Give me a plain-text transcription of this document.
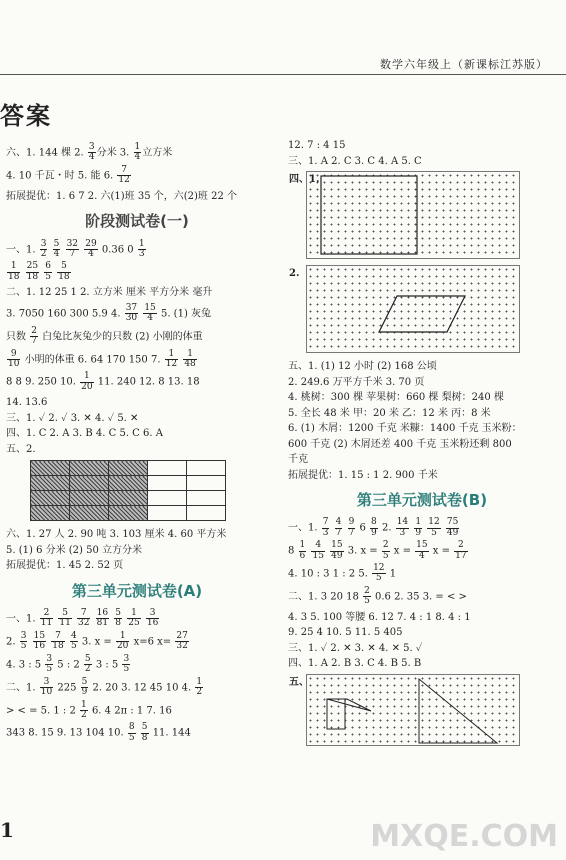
数学六年级上（新课标江苏版）
答案

六、1. 144 棵 2. $\frac{3}{4}$ 分米 3. $\frac{1}{4}$ 立方米

4. 10 千瓦・时 5. 能 6. $\frac{7}{12}$

拓展提优：1. 6 7 2. 六(1)班 35 个，六(2)班 22 个

阶段测试卷(一)

一、1. $\frac{3}{2}$
$\frac{5}{4}$
$\frac{32}{7}$
$\frac{29}{4} 0.36$ $0 \frac{1}{3}$

$\frac{1}{18}$
$\frac{25}{18}$
$\frac{6}{5}$
$\frac{5}{18}$

二、1. 12 25 1 2. 立方米 厘米 平方分米 毫升

3. 7050 160 300 5.9 4. $\frac{37}{30}$
$\frac{15}{4} 5$. (1) 灰兔

只数 $\frac{2}{7}$ 白兔比灰兔少的只数 (2) 小刚的体重

$\frac{9}{10}$ 小明的体重 6. 64 170 150 7. $\frac{1}{12}$
$\frac{1}{48}$

8 8 9. 250 10. $\frac{1}{20} 11$. 240 12. 8 13. 18

14. 13.6

三、1. ✓ 2. ✓ 3. ✕ 4. ✓ 5. ✕

四、1. C 2. A 3. B 4. C 5. C 6. A

五、2.

六、1. 27 人 2. 90 吨 3. 103 厘米 4. 60 平方米

5. (1) 6 分米 (2) 50 立方分米

拓展提优：1. 45 2. 52 页

第三单元测试卷(A)

一、1. $\frac{2}{11}$
$\frac{5}{11}$
$\frac{7}{32}$
$\frac{16}{81}$
$\frac{5}{8}$
$\frac{1}{25}$
$\frac{3}{16}$

2. $\frac{3}{5}$
$\frac{15}{16}$
$\frac{7}{18}$
$\frac{4}{5} 3$. $x = \frac{1}{20} x=6$ $x= \frac{27}{32}$

4. 3 : $5 \frac{3}{5} 5$ : $2 \frac{5}{2} 3$ : $5 \frac{3}{5}$

二、1. $\frac{3}{10} 225 \frac{5}{9} 2$. 20 3. 12 45 10 4. $\frac{1}{2}$

> < = 5. 1 : $2 \frac{1}{2} 6$. 4 2π : 1 7. 16

343 8. 15 9. 13 104 10. $\frac{8}{5}$
$\frac{5}{8} 11$. 144

12. 7 : 4 15

三、1. A 2. C 3. C 4. A 5. C

四、1.
2.

五、1. (1) 12 小时 (2) 168 公顷

2. 249.6 万平方千米 3. 70 页

4. 桃树：300 棵 苹果树：660 棵 梨树：240 棵

5. 全长 48 米 甲：20 米 乙：12 米 丙：8 米

6. (1) 木屑：1200 千克 米糠：1400 千克 玉米粉：

600 千克 (2) 木屑还差 400 千克 玉米粉还剩 800

千克

拓展提优：1. 15 : 1 2. 900 千米

第三单元测试卷(B)

一、1. $\frac{7}{3}$
$\frac{4}{7}$
$\frac{9}{7} 6 \frac{8}{9} 2$. $\frac{14}{3}$
$\frac{1}{9}$
$\frac{12}{5}$
$\frac{75}{49}$

$8 \frac{1}{6}$
$\frac{4}{15}$
$\frac{15}{49} 3$. $x = \frac{2}{5}$ $x = \frac{15}{4}$ $x = \frac{2}{17}$

4. 10 : 3 1 : 2 5. $\frac{12}{5} 1$

二、1. 3 20 $18 \frac{2}{5} 0.6$ 2. 35 3. = < >

4. 3 5. 100 等腰 6. 12 7. 4 : 1 8. 4 : 1

9. 25 4 10. 5 11. 5 405

三、1. ✓ 2. ✕ 3. ✕ 4. ✕ 5. ✓

四、1. A 2. B 3. C 4. B 5. B

五、
1	MXQE.COM
